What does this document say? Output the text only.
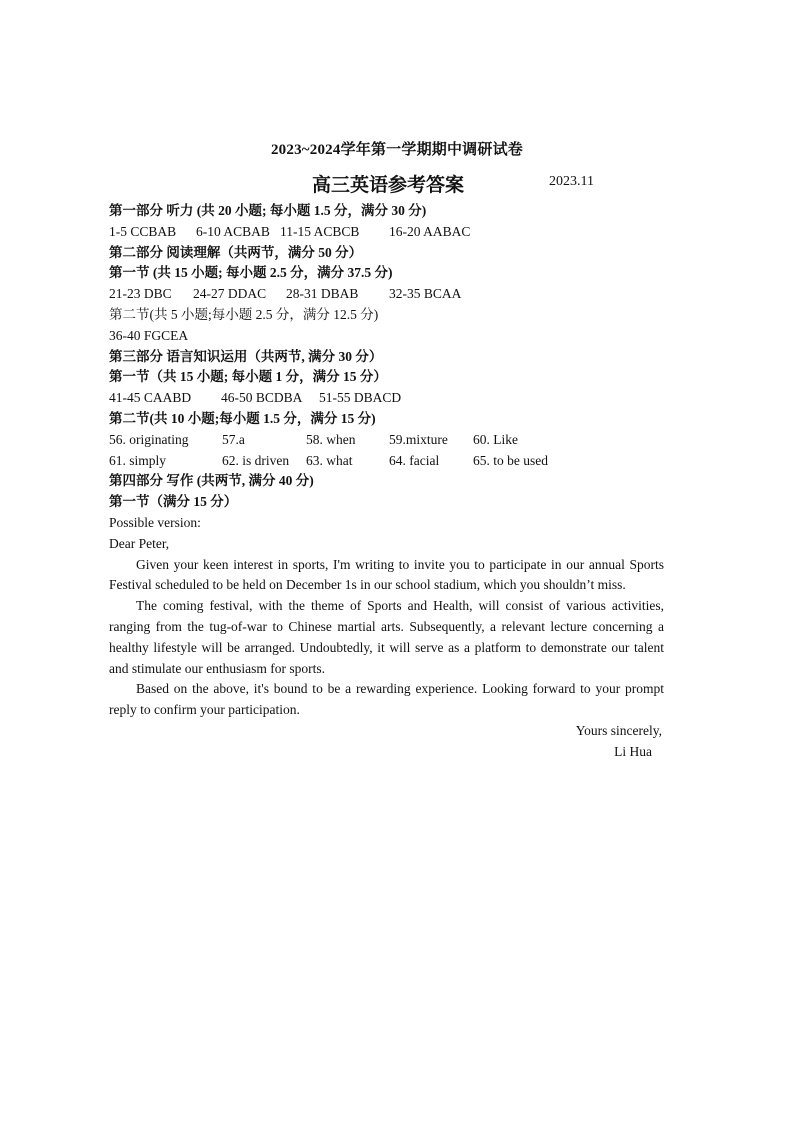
2023~2024学年第一学期期中调研试卷
高三英语参考答案	2023.11
第一部分 听力 (共 20 小题; 每小题 1.5 分，满分 30 分)
1-5 CCBAB 6-10 ACBAB 11-15 ACBCB 16-20 AABAC
第二部分 阅读理解（共两节，满分 50 分）
第一节 (共 15 小题; 每小题 2.5 分，满分 37.5 分)
21-23 DBC 24-27 DDAC 28-31 DBAB 32-35 BCAA
第二节(共 5 小题;每小题 2.5 分，满分 12.5 分)
36-40 FGCEA
第三部分 语言知识运用（共两节, 满分 30 分）
第一节（共 15 小题; 每小题 1 分，满分 15 分）
41-45 CAABD 46-50 BCDBA 51-55 DBACD
第二节(共 10 小题;每小题 1.5 分，满分 15 分)
56. originating 57.a	58. when 59.mixture 60. Like
61. simply	62. is driven 63. what	64. facial	65. to be used
第四部分 写作 (共两节, 满分 40 分)
第一节（满分 15 分）
Possible version:
Dear Peter,

Given your keen interest in sports, I'm writing to invite you to participate in our annual Sports Festival scheduled to be held on December 1s in our school stadium, which you shouldn’t miss.

The coming festival, with the theme of Sports and Health, will consist of various activities, ranging from the tug-of-war to Chinese martial arts. Subsequently, a relevant lecture concerning a healthy lifestyle will be arranged. Undoubtedly, it will serve as a platform to demonstrate our talent and stimulate our enthusiasm for sports.

Based on the above, it's bound to be a rewarding experience. Looking forward to your prompt reply to confirm your participation.

Yours sincerely,
Li Hua
